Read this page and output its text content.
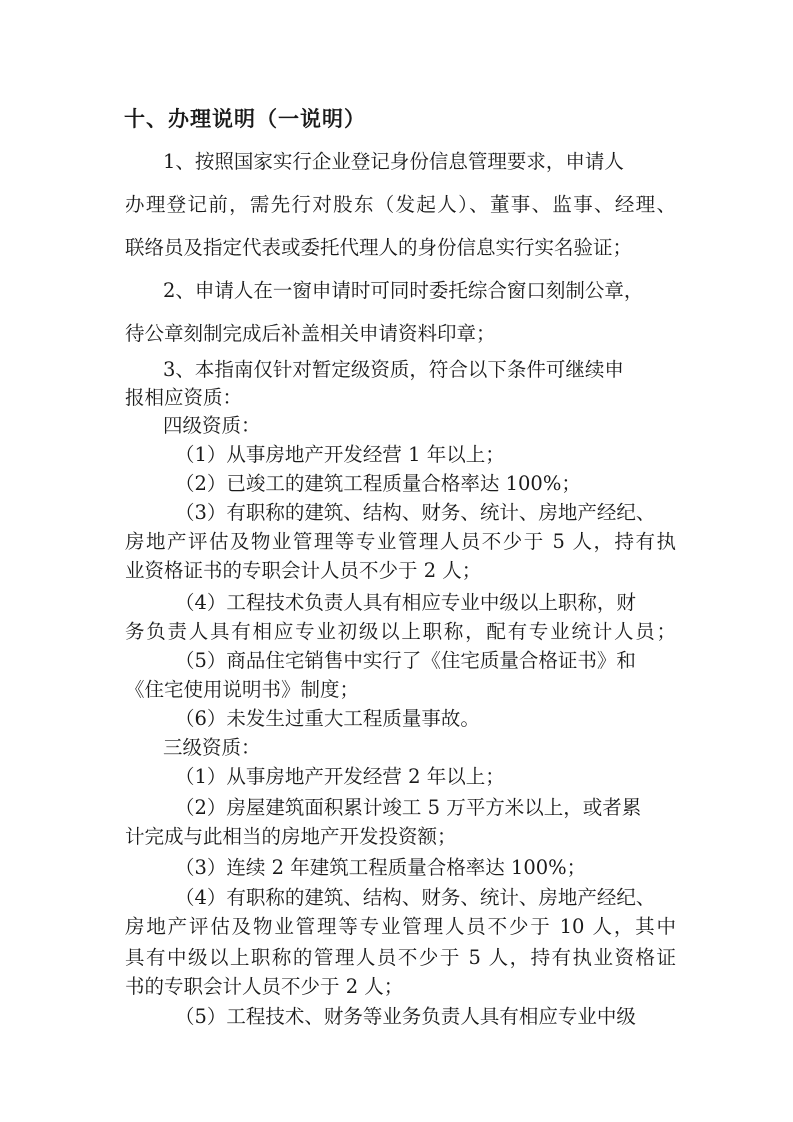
十、办理说明（一说明）
1、按照国家实行企业登记身份信息管理要求，申请人
办理登记前，需先行对股东（发起人）、董事、监事、经理、
联络员及指定代表或委托代理人的身份信息实行实名验证；
2、申请人在一窗申请时可同时委托综合窗口刻制公章，
待公章刻制完成后补盖相关申请资料印章；
3、本指南仅针对暂定级资质，符合以下条件可继续申
报相应资质：
四级资质：
（1）从事房地产开发经营 1 年以上；
（2）已竣工的建筑工程质量合格率达 100%；
（3）有职称的建筑、结构、财务、统计、房地产经纪、
房地产评估及物业管理等专业管理人员不少于 5 人，持有执
业资格证书的专职会计人员不少于 2 人；
（4）工程技术负责人具有相应专业中级以上职称，财
务负责人具有相应专业初级以上职称，配有专业统计人员；
（5）商品住宅销售中实行了《住宅质量合格证书》和
《住宅使用说明书》制度；
（6）未发生过重大工程质量事故。
三级资质：
（1）从事房地产开发经营 2 年以上；
（2）房屋建筑面积累计竣工 5 万平方米以上，或者累
计完成与此相当的房地产开发投资额；
（3）连续 2 年建筑工程质量合格率达 100%；
（4）有职称的建筑、结构、财务、统计、房地产经纪、
房地产评估及物业管理等专业管理人员不少于 10 人，其中
具有中级以上职称的管理人员不少于 5 人，持有执业资格证
书的专职会计人员不少于 2 人；
（5）工程技术、财务等业务负责人具有相应专业中级
